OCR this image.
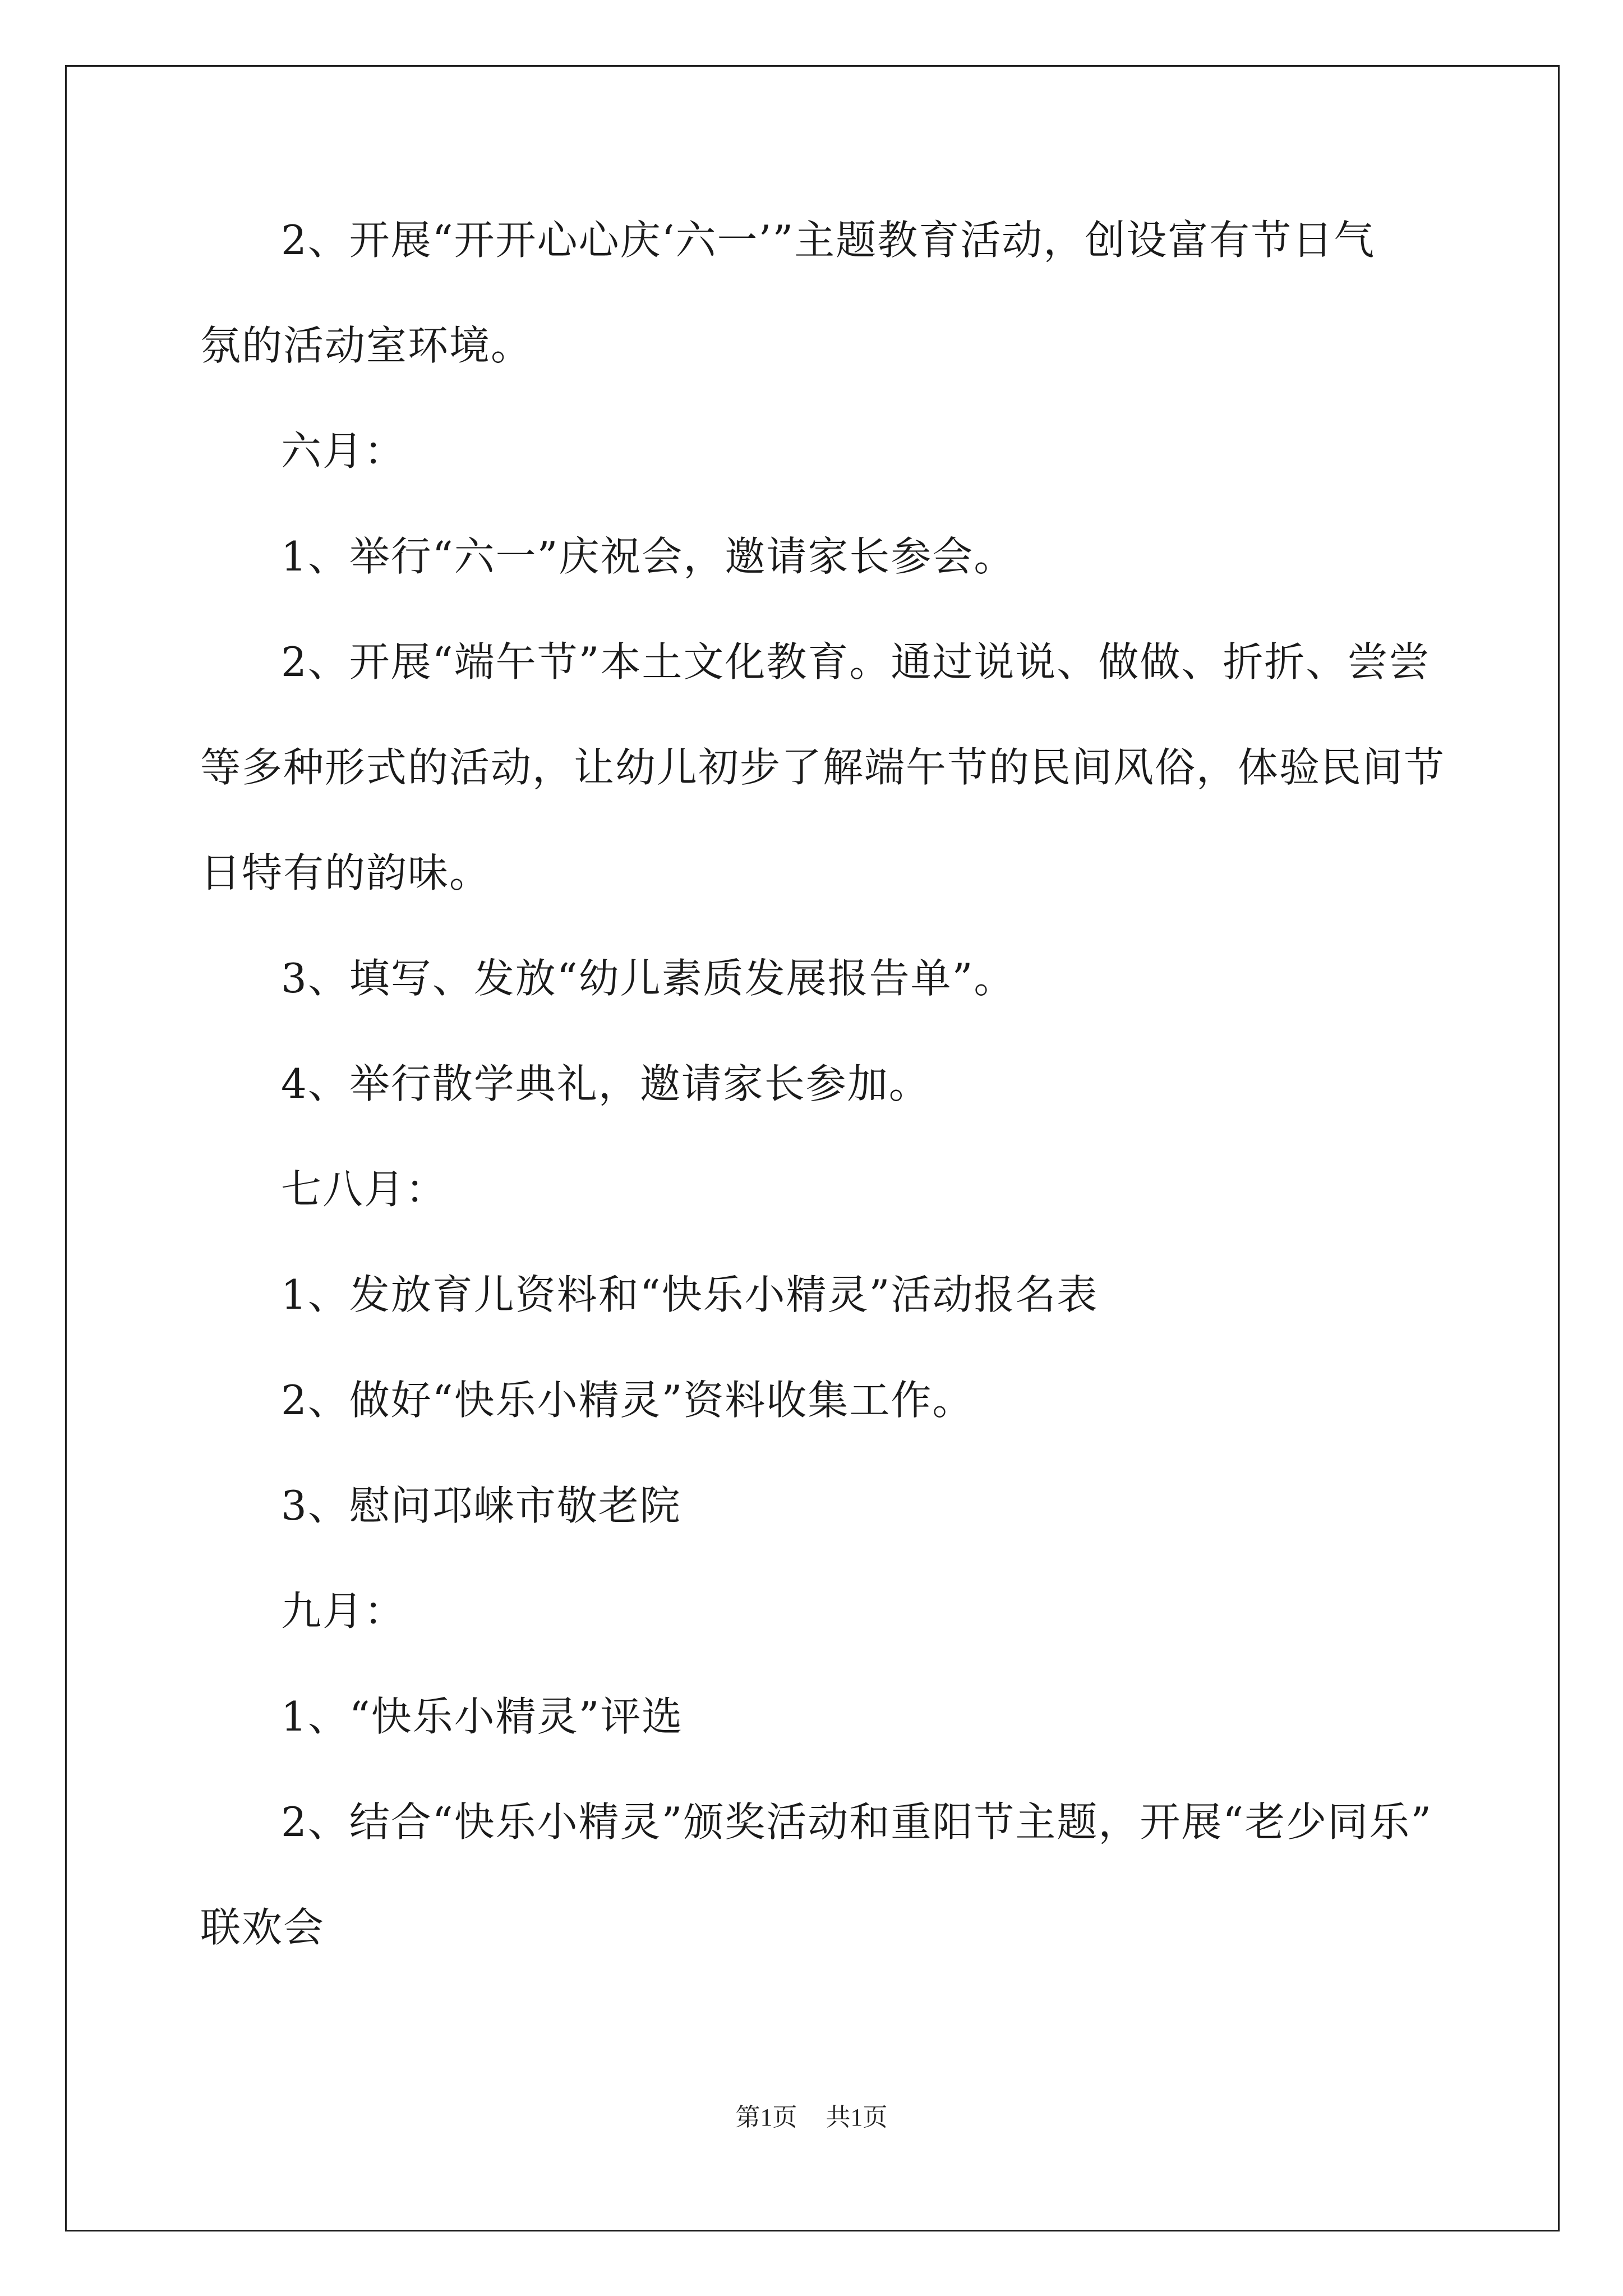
2、开展“开开心心庆‘六一’”主题教育活动，创设富有节日气
氛的活动室环境。
六月：
1、举行“六一”庆祝会，邀请家长参会。
2、开展“端午节”本土文化教育。通过说说、做做、折折、尝尝
等多种形式的活动，让幼儿初步了解端午节的民间风俗，体验民间节
日特有的韵味。
3、填写、发放“幼儿素质发展报告单”。
4、举行散学典礼，邀请家长参加。
七八月：
1、发放育儿资料和“快乐小精灵”活动报名表
2、做好“快乐小精灵”资料收集工作。
3、慰问邛崃市敬老院
九月：
1、“快乐小精灵”评选
2、结合“快乐小精灵”颁奖活动和重阳节主题，开展“老少同乐”
联欢会
第1页 共1页
